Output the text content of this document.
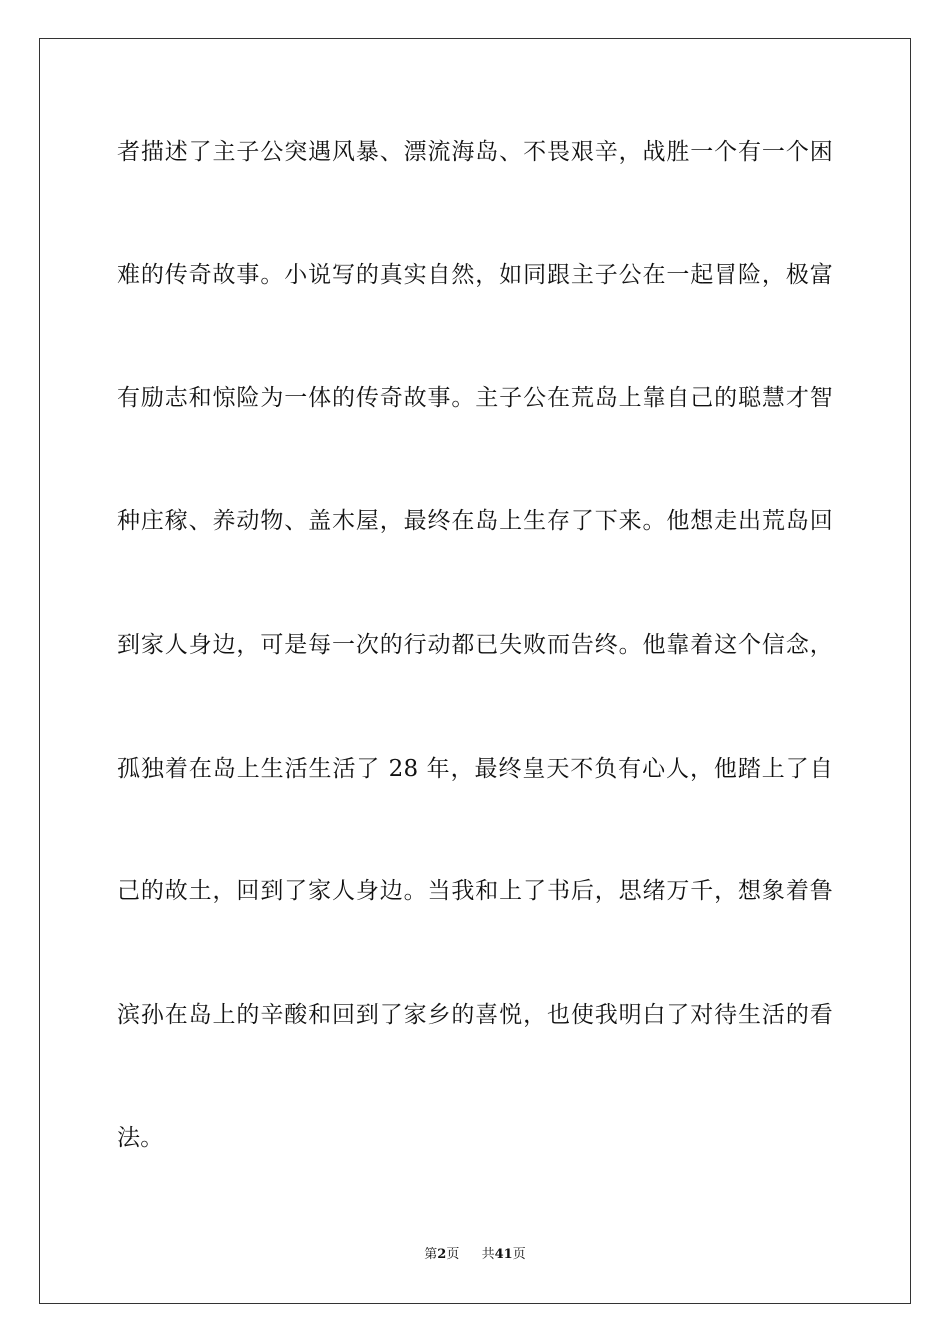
者描述了主子公突遇风暴、漂流海岛、不畏艰辛，战胜一个有一个困
难的传奇故事。小说写的真实自然，如同跟主子公在一起冒险，极富
有励志和惊险为一体的传奇故事。主子公在荒岛上靠自己的聪慧才智
种庄稼、养动物、盖木屋，最终在岛上生存了下来。他想走出荒岛回
到家人身边，可是每一次的行动都已失败而告终。他靠着这个信念，
孤独着在岛上生活生活了 28 年，最终皇天不负有心人，他踏上了自
己的故土，回到了家人身边。当我和上了书后，思绪万千，想象着鲁
滨孙在岛上的辛酸和回到了家乡的喜悦，也使我明白了对待生活的看
法。
第2页 共41页
